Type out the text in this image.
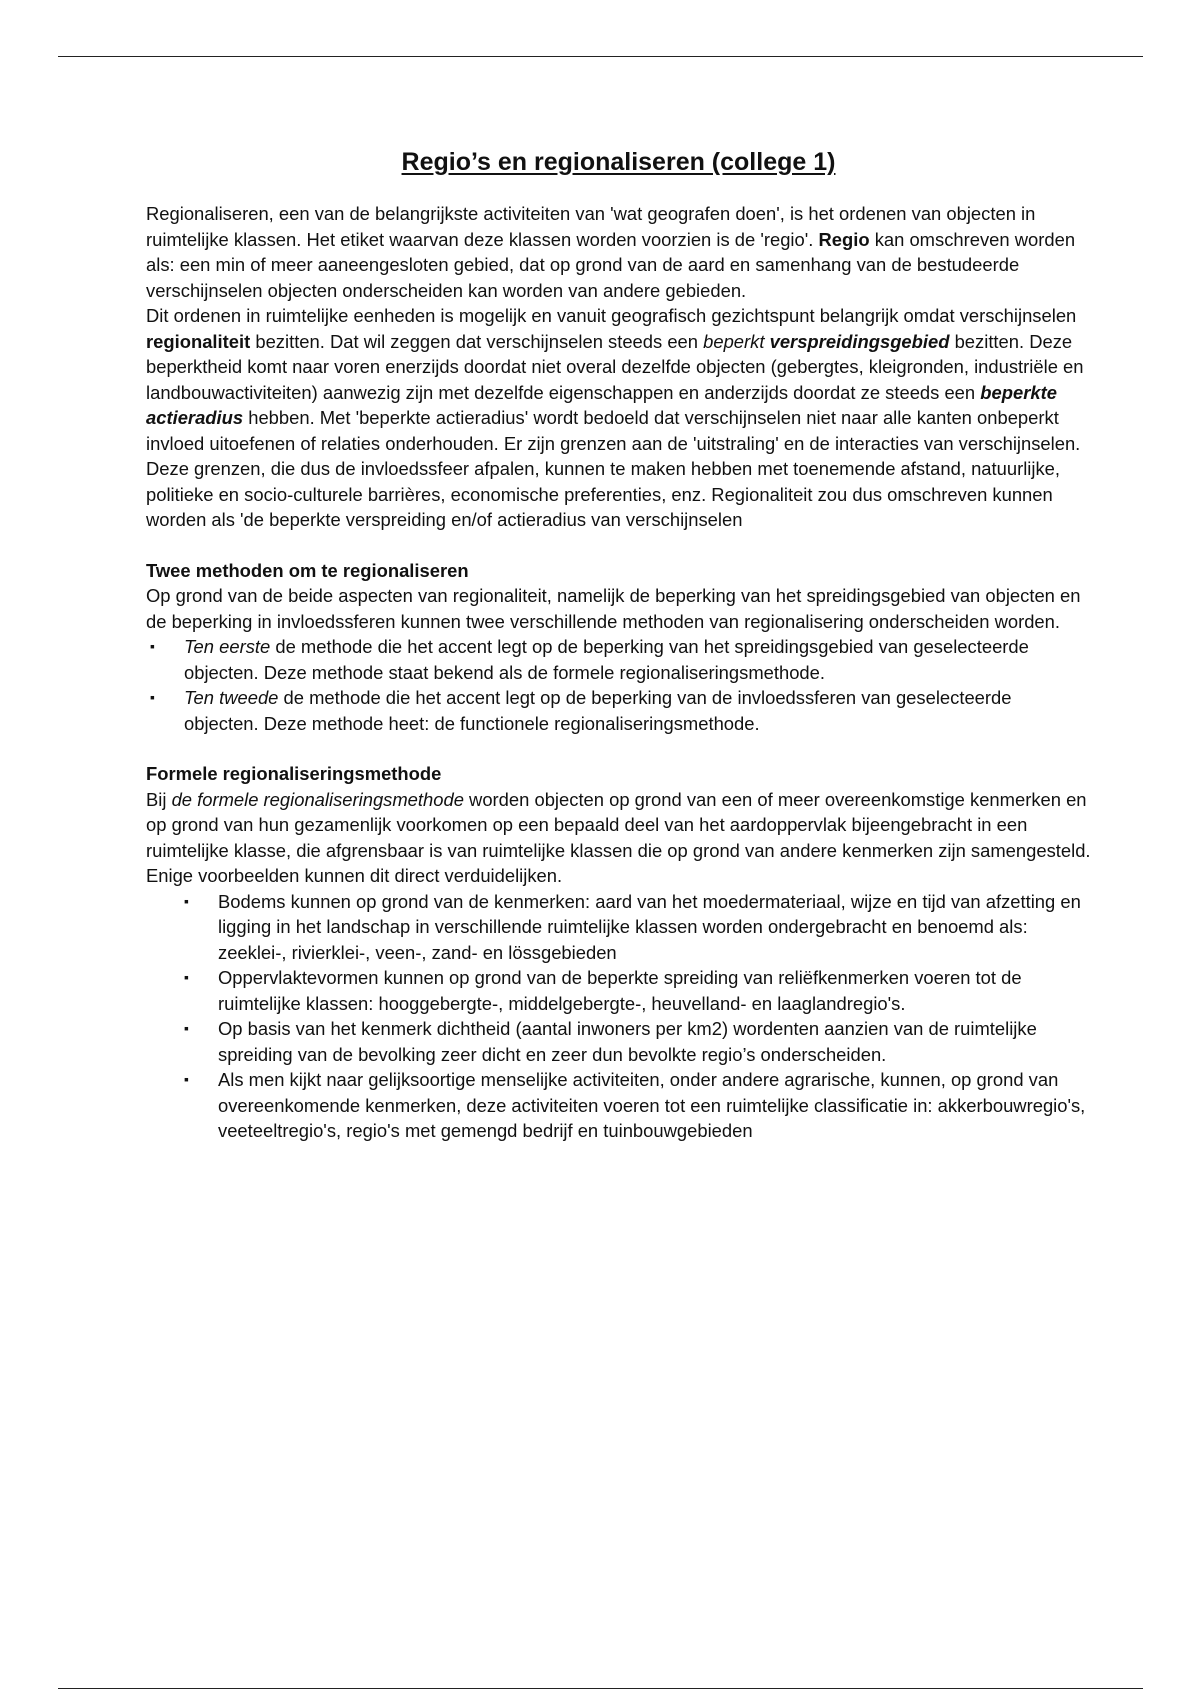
Regio’s en regionaliseren (college 1)

Regionaliseren, een van de belangrijkste activiteiten van 'wat geografen doen', is het ordenen van objecten in ruimtelijke klassen. Het etiket waarvan deze klassen worden voorzien is de 'regio'. Regio kan omschreven worden als: een min of meer aaneengesloten gebied, dat op grond van de aard en samenhang van de bestudeerde verschijnselen objecten onderscheiden kan worden van andere gebieden.

Dit ordenen in ruimtelijke eenheden is mogelijk en vanuit geografisch gezichtspunt belangrijk omdat verschijnselen regionaliteit bezitten. Dat wil zeggen dat verschijnselen steeds een beperkt verspreidingsgebied bezitten. Deze beperktheid komt naar voren enerzijds doordat niet overal dezelfde objecten (gebergtes, kleigronden, industriële en landbouwactiviteiten) aanwezig zijn met dezelfde eigenschappen en anderzijds doordat ze steeds een beperkte actieradius hebben. Met 'beperkte actieradius' wordt bedoeld dat verschijnselen niet naar alle kanten onbeperkt invloed uitoefenen of relaties onderhouden. Er zijn grenzen aan de 'uitstraling' en de interacties van verschijnselen. Deze grenzen, die dus de invloedssfeer afpalen, kunnen te maken hebben met toenemende afstand, natuurlijke, politieke en socio-culturele barrières, economische preferenties, enz. Regionaliteit zou dus omschreven kunnen worden als 'de beperkte verspreiding en/of actieradius van verschijnselen

Twee methoden om te regionaliseren

Op grond van de beide aspecten van regionaliteit, namelijk de beperking van het spreidingsgebied van objecten en de beperking in invloedssferen kunnen twee verschillende methoden van regionalisering onderscheiden worden.

▪ Ten eerste de methode die het accent legt op de beperking van het spreidingsgebied van geselecteerde objecten. Deze methode staat bekend als de formele regionaliseringsmethode.
▪ Ten tweede de methode die het accent legt op de beperking van de invloedssferen van geselecteerde objecten. Deze methode heet: de functionele regionaliseringsmethode.
Formele regionaliseringsmethode

Bij de formele regionaliseringsmethode worden objecten op grond van een of meer overeenkomstige kenmerken en op grond van hun gezamenlijk voorkomen op een bepaald deel van het aardoppervlak bijeengebracht in een ruimtelijke klasse, die afgrensbaar is van ruimtelijke klassen die op grond van andere kenmerken zijn samengesteld.

Enige voorbeelden kunnen dit direct verduidelijken.

▪ Bodems kunnen op grond van de kenmerken: aard van het moedermateriaal, wijze en tijd van afzetting en ligging in het landschap in verschillende ruimtelijke klassen worden ondergebracht en benoemd als: zeeklei-, rivierklei-, veen-, zand- en lössgebieden
▪ Oppervlaktevormen kunnen op grond van de beperkte spreiding van reliëfkenmerken voeren tot de ruimtelijke klassen: hooggebergte-, middelgebergte-, heuvelland- en laaglandregio's.
▪ Op basis van het kenmerk dichtheid (aantal inwoners per km2) wordenten aanzien van de ruimtelijke spreiding van de bevolking zeer dicht en zeer dun bevolkte regio’s onderscheiden.
▪ Als men kijkt naar gelijksoortige menselijke activiteiten, onder andere agrarische, kunnen, op grond van overeenkomende kenmerken, deze activiteiten voeren tot een ruimtelijke classificatie in: akkerbouwregio's, veeteeltregio's, regio's met gemengd bedrijf en tuinbouwgebieden
